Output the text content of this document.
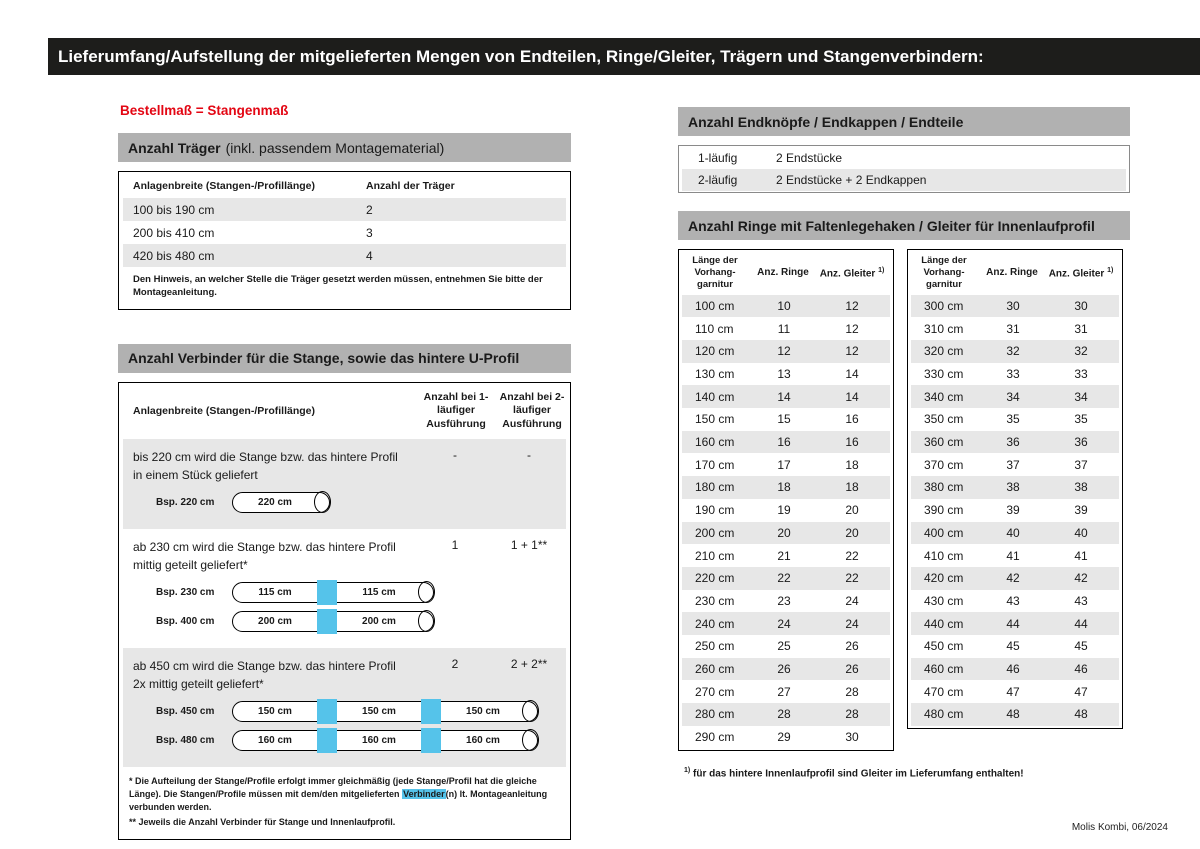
Lieferumfang/Aufstellung der mitgelieferten Mengen von Endteilen, Ringe/Gleiter, Trägern und Stangenverbindern:
Bestellmaß = Stangenmaß
Anzahl Träger (inkl. passendem Montagematerial)
Anlagenbreite (Stangen-/Profillänge)	Anzahl der Träger
100 bis 190 cm	2
200 bis 410 cm	3
420 bis 480 cm	4
Den Hinweis, an welcher Stelle die Träger gesetzt werden müssen, entnehmen Sie bitte der Montageanleitung.
Anzahl Verbinder für die Stange, sowie das hintere U-Profil
Anlagenbreite (Stangen-/Profillänge)
Anzahl bei 1-läufiger Ausführung
Anzahl bei 2-läufiger Ausführung
bis 220 cm wird die Stange bzw. das hintere Profil in einem Stück geliefert
-	-
Bsp. 220 cm	220 cm
ab 230 cm wird die Stange bzw. das hintere Profil mittig geteilt geliefert*
1	1 + 1**
Bsp. 230 cm	115 cm	115 cm
Bsp. 400 cm	200 cm	200 cm
ab 450 cm wird die Stange bzw. das hintere Profil 2x mittig geteilt geliefert*
2	2 + 2**
Bsp. 450 cm	150 cm	150 cm	150 cm
Bsp. 480 cm	160 cm	160 cm	160 cm
* Die Aufteilung der Stange/Profile erfolgt immer gleichmäßig (jede Stange/Profil hat die gleiche Länge). Die Stangen/Profile müssen mit dem/den mitgelieferten Verbinder(n) lt. Montageanleitung verbunden werden.
** Jeweils die Anzahl Verbinder für Stange und Innenlaufprofil.
Anzahl Endknöpfe / Endkappen / Endteile
1-läufig	2 Endstücke
2-läufig	2 Endstücke + 2 Endkappen
Anzahl Ringe mit Faltenlegehaken / Gleiter für Innenlaufprofil
Länge der Vorhang-garnitur
Anz. Ringe	Anz. Gleiter $^{1)}$
100 cm	10	12
110 cm	11	12
120 cm	12	12
130 cm	13	14
140 cm	14	14
150 cm	15	16
160 cm	16	16
170 cm	17	18
180 cm	18	18
190 cm	19	20
200 cm	20	20
210 cm	21	22
220 cm	22	22
230 cm	23	24
240 cm	24	24
250 cm	25	26
260 cm	26	26
270 cm	27	28
280 cm	28	28
290 cm	29	30
Länge der Vorhang-garnitur
Anz. Ringe	Anz. Gleiter $^{1)}$
300 cm	30	30
310 cm	31	31
320 cm	32	32
330 cm	33	33
340 cm	34	34
350 cm	35	35
360 cm	36	36
370 cm	37	37
380 cm	38	38
390 cm	39	39
400 cm	40	40
410 cm	41	41
420 cm	42	42
430 cm	43	43
440 cm	44	44
450 cm	45	45
460 cm	46	46
470 cm	47	47
480 cm	48	48
$^{1)}$ für das hintere Innenlaufprofil sind Gleiter im Lieferumfang enthalten!
Molis Kombi, 06/2024
